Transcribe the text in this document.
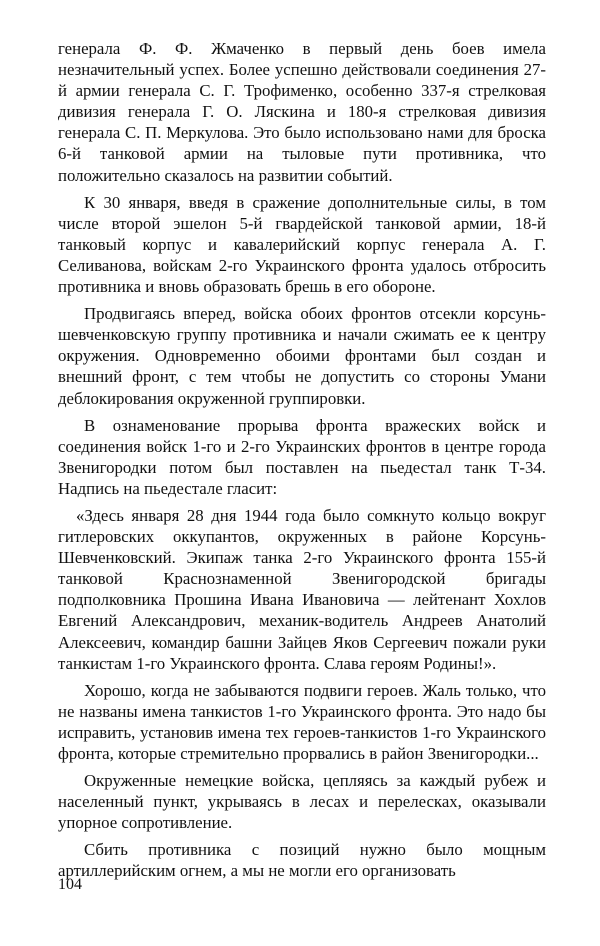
генерала Ф. Ф. Жмаченко в первый день боев имела незначительный успех. Более успешно действовали соединения 27-й армии генерала С. Г. Трофименко, особенно 337-я стрелковая дивизия генерала Г. О. Ляскина и 180-я стрелковая дивизия генерала С. П. Меркулова. Это было использовано нами для броска 6-й танковой армии на тыловые пути противника, что положительно сказалось на развитии событий.

К 30 января, введя в сражение дополнительные силы, в том числе второй эшелон 5-й гвардейской танковой армии, 18-й танковый корпус и кавалерийский корпус генерала А. Г. Селиванова, войскам 2-го Украинского фронта удалось отбросить противника и вновь образовать брешь в его обороне.

Продвигаясь вперед, войска обоих фронтов отсекли корсунь-шевченковскую группу противника и начали сжимать ее к центру окружения. Одновременно обоими фронтами был создан и внешний фронт, с тем чтобы не допустить со стороны Умани деблокирования окруженной группировки.

В ознаменование прорыва фронта вражеских войск и соединения войск 1-го и 2-го Украинских фронтов в центре города Звенигородки потом был поставлен на пьедестал танк Т-34. Надпись на пьедестале гласит:

«Здесь января 28 дня 1944 года было сомкнуто кольцо вокруг гитлеровских оккупантов, окруженных в районе Корсунь-Шевченковский. Экипаж танка 2-го Украинского фронта 155-й танковой Краснознаменной Звенигородской бригады подполковника Прошина Ивана Ивановича — лейтенант Хохлов Евгений Александрович, механик-водитель Андреев Анатолий Алексеевич, командир башни Зайцев Яков Сергеевич пожали руки танкистам 1-го Украинского фронта. Слава героям Родины!».

Хорошо, когда не забываются подвиги героев. Жаль только, что не названы имена танкистов 1-го Украинского фронта. Это надо бы исправить, установив имена тех героев-танкистов 1-го Украинского фронта, которые стремительно прорвались в район Звенигородки...

Окруженные немецкие войска, цепляясь за каждый рубеж и населенный пункт, укрываясь в лесах и перелесках, оказывали упорное сопротивление.

Сбить противника с позиций нужно было мощным артиллерийским огнем, а мы не могли его организовать

104
